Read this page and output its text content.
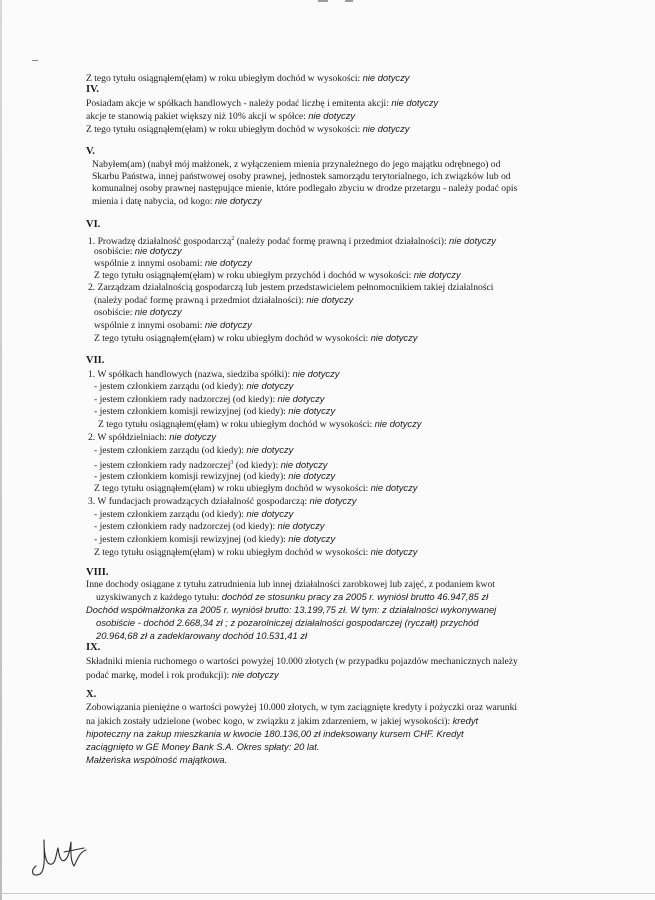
Z tego tytułu osiągnąłem(ęłam) w roku ubiegłym dochód w wysokości: nie dotyczy
IV.
Posiadam akcje w spółkach handlowych - należy podać liczbę i emitenta akcji: nie dotyczy
akcje te stanowią pakiet większy niż 10% akcji w spółce: nie dotyczy
Z tego tytułu osiągnąłem(ęłam) w roku ubiegłym dochód w wysokości: nie dotyczy
V.
Nabyłem(am) (nabył mój małżonek, z wyłączeniem mienia przynależnego do jego majątku odrębnego) od
Skarbu Państwa, innej państwowej osoby prawnej, jednostek samorządu terytorialnego, ich związków lub od
komunalnej osoby prawnej następujące mienie, które podlegało zbyciu w drodze przetargu - należy podać opis
mienia i datę nabycia, od kogo: nie dotyczy
VI.
1. Prowadzę działalność gospodarczą$^2$ (należy podać formę prawną i przedmiot działalności): nie dotyczy
osobiście: nie dotyczy
wspólnie z innymi osobami: nie dotyczy
Z tego tytułu osiągnąłem(ęłam) w roku ubiegłym przychód i dochód w wysokości: nie dotyczy
2. Zarządzam działalnością gospodarczą lub jestem przedstawicielem pełnomocnikiem takiej działalności
(należy podać formę prawną i przedmiot działalności): nie dotyczy
osobiście: nie dotyczy
wspólnie z innymi osobami: nie dotyczy
Z tego tytułu osiągnąłem(ęłam) w roku ubiegłym dochód w wysokości: nie dotyczy
VII.
1. W spółkach handlowych (nazwa, siedziba spółki): nie dotyczy
- jestem członkiem zarządu (od kiedy): nie dotyczy
- jestem członkiem rady nadzorczej (od kiedy): nie dotyczy
- jestem członkiem komisji rewizyjnej (od kiedy): nie dotyczy
Z tego tytułu osiągnąłem(ęłam) w roku ubiegłym dochód w wysokości: nie dotyczy
2. W spółdzielniach: nie dotyczy
- jestem członkiem zarządu (od kiedy): nie dotyczy
- jestem członkiem rady nadzorczej$^3$ (od kiedy): nie dotyczy
- jestem członkiem komisji rewizyjnej (od kiedy): nie dotyczy
Z tego tytułu osiągnąłem(ęłam) w roku ubiegłym dochód w wysokości: nie dotyczy
3. W fundacjach prowadzących działalność gospodarczą: nie dotyczy
- jestem członkiem zarządu (od kiedy): nie dotyczy
- jestem członkiem rady nadzorczej (od kiedy): nie dotyczy
- jestem członkiem komisji rewizyjnej (od kiedy): nie dotyczy
Z tego tytułu osiągnąłem(ęłam) w roku ubiegłym dochód w wysokości: nie dotyczy
VIII.
Inne dochody osiągane z tytułu zatrudnienia lub innej działalności zarobkowej lub zajęć, z podaniem kwot
uzyskiwanych z każdego tytułu: dochód ze stosunku pracy za 2005 r. wyniósł brutto 46.947,85 zł
Dochód współmałżonka za 2005 r. wyniósł brutto: 13.199,75 zł. W tym: z działalności wykonywanej
osobiście - dochód 2.668,34 zł ; z pozarolniczej działalności gospodarczej (ryczałt) przychód
20.964,68 zł a zadeklarowany dochód 10.531,41 zł
IX.
Składniki mienia ruchomego o wartości powyżej 10.000 złotych (w przypadku pojazdów mechanicznych należy
podać markę, model i rok produkcji): nie dotyczy
X.
Zobowiązania pieniężne o wartości powyżej 10.000 złotych, w tym zaciągnięte kredyty i pożyczki oraz warunki
na jakich zostały udzielone (wobec kogo, w związku z jakim zdarzeniem, w jakiej wysokości): kredyt
hipoteczny na zakup mieszkania w kwocie 180.136,00 zł indeksowany kursem CHF. Kredyt
zaciągnięto w GE Money Bank S.A. Okres spłaty: 20 lat.
Małżeńska wspólność majątkowa.
